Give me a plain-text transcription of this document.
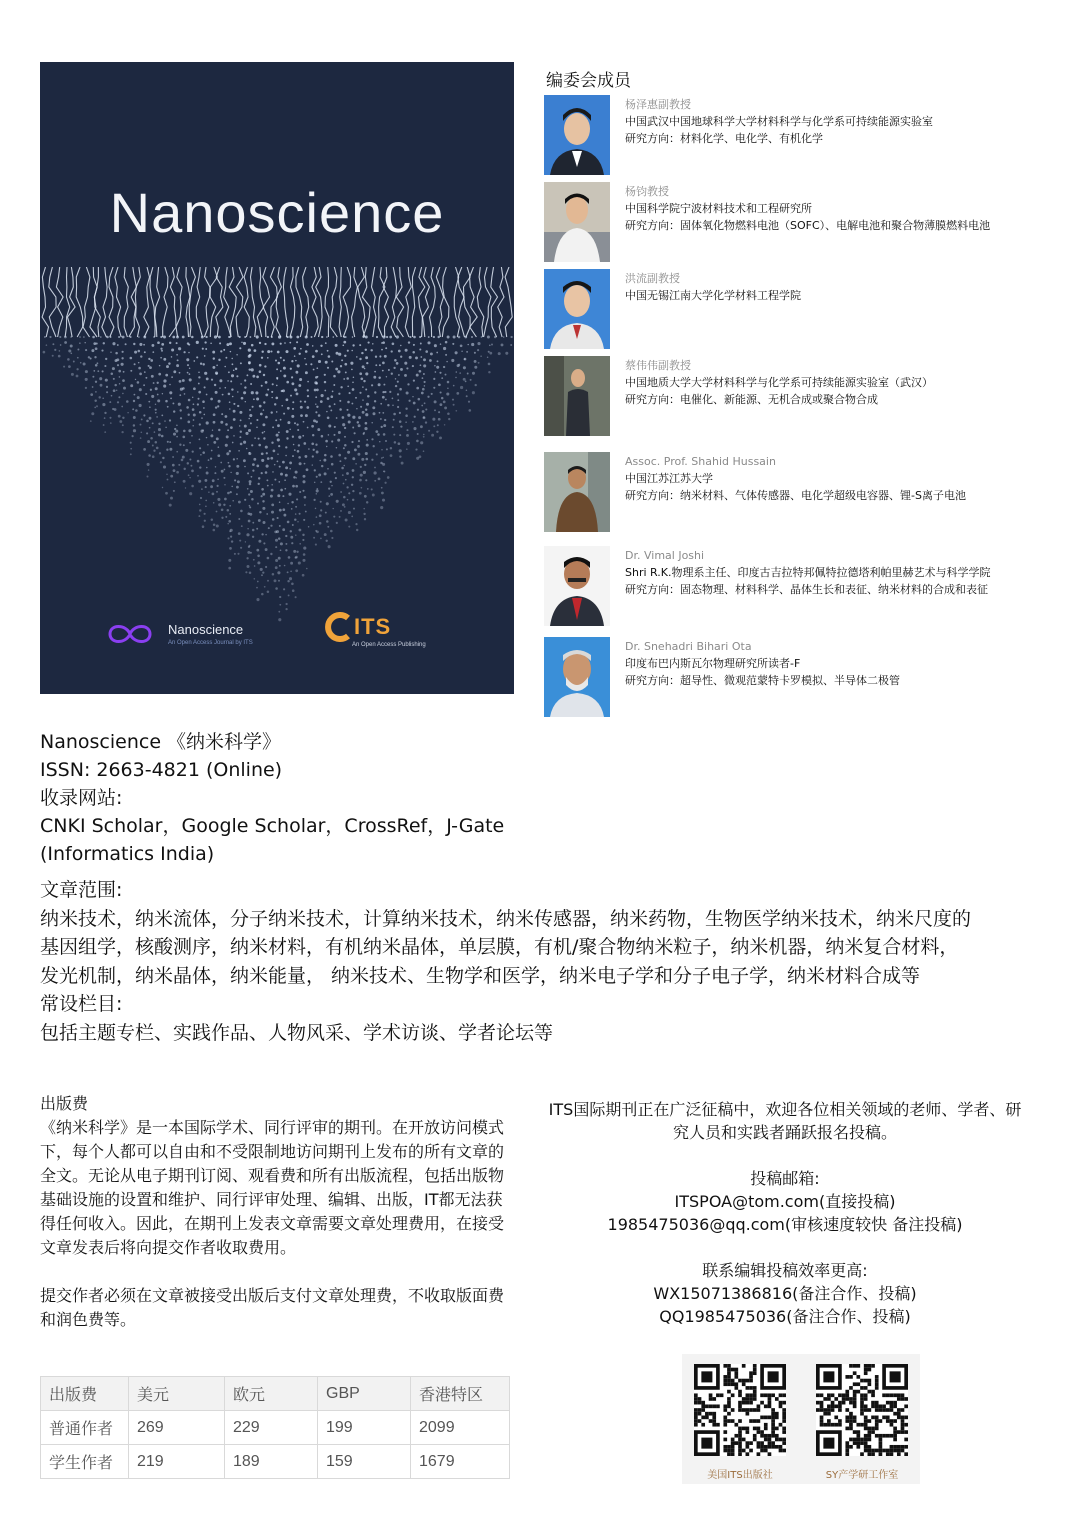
Nanoscience
Nanoscience
An Open Access Journal by ITS
ITS
An Open Access Publishing
编委会成员
杨泽惠副教授
中国武汉中国地球科学大学材料科学与化学系可持续能源实验室
研究方向：材料化学、电化学、有机化学
杨钧教授
中国科学院宁波材料技术和工程研究所
研究方向：固体氧化物燃料电池（SOFC）、电解电池和聚合物薄膜燃料电池
洪流副教授
中国无锡江南大学化学材料工程学院
蔡伟伟副教授
中国地质大学大学材料科学与化学系可持续能源实验室（武汉）
研究方向：电催化、新能源、无机合成或聚合物合成
Assoc. Prof. Shahid Hussain
中国江苏江苏大学
研究方向：纳米材料、气体传感器、电化学超级电容器、锂-S离子电池
Dr. Vimal Joshi
Shri R.K.物理系主任、印度古吉拉特邦佩特拉德塔利帕里赫艺术与科学学院
研究方向：固态物理、材料科学、晶体生长和表征、纳米材料的合成和表征
Dr. Snehadri Bihari Ota
印度布巴内斯瓦尔物理研究所读者-F
研究方向：超导性、微观范蒙特卡罗模拟、半导体二极管
Nanoscience 《纳米科学》
ISSN: 2663-4821 (Online)
收录网站:
CNKI Scholar，Google Scholar，CrossRef，J-Gate
(Informatics India)
文章范围:
纳米技术，纳米流体，分子纳米技术，计算纳米技术，纳米传感器，纳米药物，生物医学纳米技术，纳米尺度的
基因组学，核酸测序，纳米材料，有机纳米晶体，单层膜，有机/聚合物纳米粒子，纳米机器，纳米复合材料，
发光机制，纳米晶体，纳米能量， 纳米技术、生物学和医学，纳米电子学和分子电子学，纳米材料合成等
常设栏目:
包括主题专栏、实践作品、人物风采、学术访谈、学者论坛等
出版费

《纳米科学》是一本国际学术、同行评审的期刊。在开放访问模式下，每个人都可以自由和不受限制地访问期刊上发布的所有文章的全文。无论从电子期刊订阅、观看费和所有出版流程，包括出版物基础设施的设置和维护、同行评审处理、编辑、出版，IT都无法获得任何收入。因此，在期刊上发表文章需要文章处理费用，在接受文章发表后将向提交作者收取费用。

提交作者必须在文章被接受出版后支付文章处理费，不收取版面费和润色费等。

出版费	美元	欧元	GBP	香港特区
普通作者	269	229	199	2099
学生作者	219	189	159	1679
ITS国际期刊正在广泛征稿中，欢迎各位相关领域的老师、学者、研
究人员和实践者踊跃报名投稿。
投稿邮箱:
ITSPOA@tom.com(直接投稿)
1985475036@qq.com(审核速度较快 备注投稿)
联系编辑投稿效率更高:
WX15071386816(备注合作、投稿)
QQ1985475036(备注合作、投稿)
美国ITS出版社	SY产学研工作室
